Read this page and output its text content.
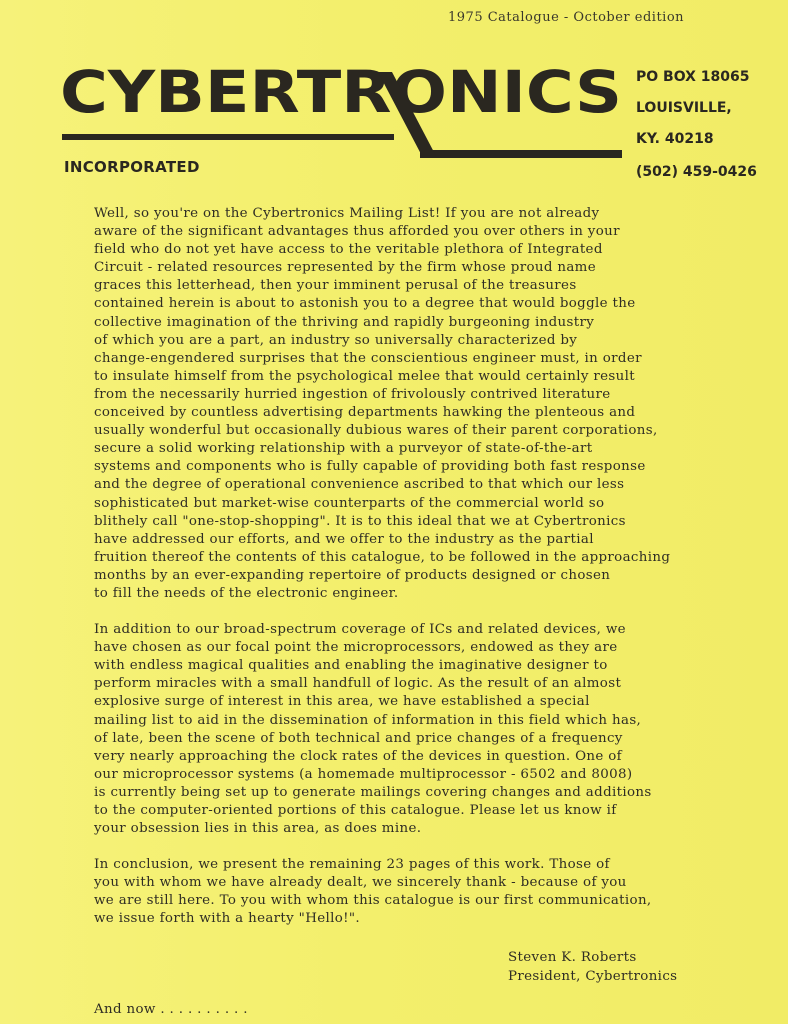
1975 Catalogue - October edition
CYBERTRONICS
INCORPORATED
PO BOX 18065
LOUISVILLE,
KY. 40218
(502) 459-0426

Well, so you're on the Cybertronics Mailing List! If you are not already
aware of the significant advantages thus afforded you over others in your
field who do not yet have access to the veritable plethora of Integrated
Circuit - related resources represented by the firm whose proud name
graces this letterhead, then your imminent perusal of the treasures
contained herein is about to astonish you to a degree that would boggle the
collective imagination of the thriving and rapidly burgeoning industry
of which you are a part, an industry so universally characterized by
change-engendered surprises that the conscientious engineer must, in order
to insulate himself from the psychological melee that would certainly result
from the necessarily hurried ingestion of frivolously contrived literature
conceived by countless advertising departments hawking the plenteous and
usually wonderful but occasionally dubious wares of their parent corporations,
secure a solid working relationship with a purveyor of state-of-the-art
systems and components who is fully capable of providing both fast response
and the degree of operational convenience ascribed to that which our less
sophisticated but market-wise counterparts of the commercial world so
blithely call "one-stop-shopping". It is to this ideal that we at Cybertronics
have addressed our efforts, and we offer to the industry as the partial
fruition thereof the contents of this catalogue, to be followed in the approaching
months by an ever-expanding repertoire of products designed or chosen
to fill the needs of the electronic engineer.

In addition to our broad-spectrum coverage of ICs and related devices, we
have chosen as our focal point the microprocessors, endowed as they are
with endless magical qualities and enabling the imaginative designer to
perform miracles with a small handfull of logic. As the result of an almost
explosive surge of interest in this area, we have established a special
mailing list to aid in the dissemination of information in this field which has,
of late, been the scene of both technical and price changes of a frequency
very nearly approaching the clock rates of the devices in question. One of
our microprocessor systems (a homemade multiprocessor - 6502 and 8008)
is currently being set up to generate mailings covering changes and additions
to the computer-oriented portions of this catalogue. Please let us know if
your obsession lies in this area, as does mine.

In conclusion, we present the remaining 23 pages of this work. Those of
you with whom we have already dealt, we sincerely thank - because of you
we are still here. To you with whom this catalogue is our first communication,
we issue forth with a hearty "Hello!".

Steven K. Roberts
President, Cybertronics
And now . . . . . . . . . .
